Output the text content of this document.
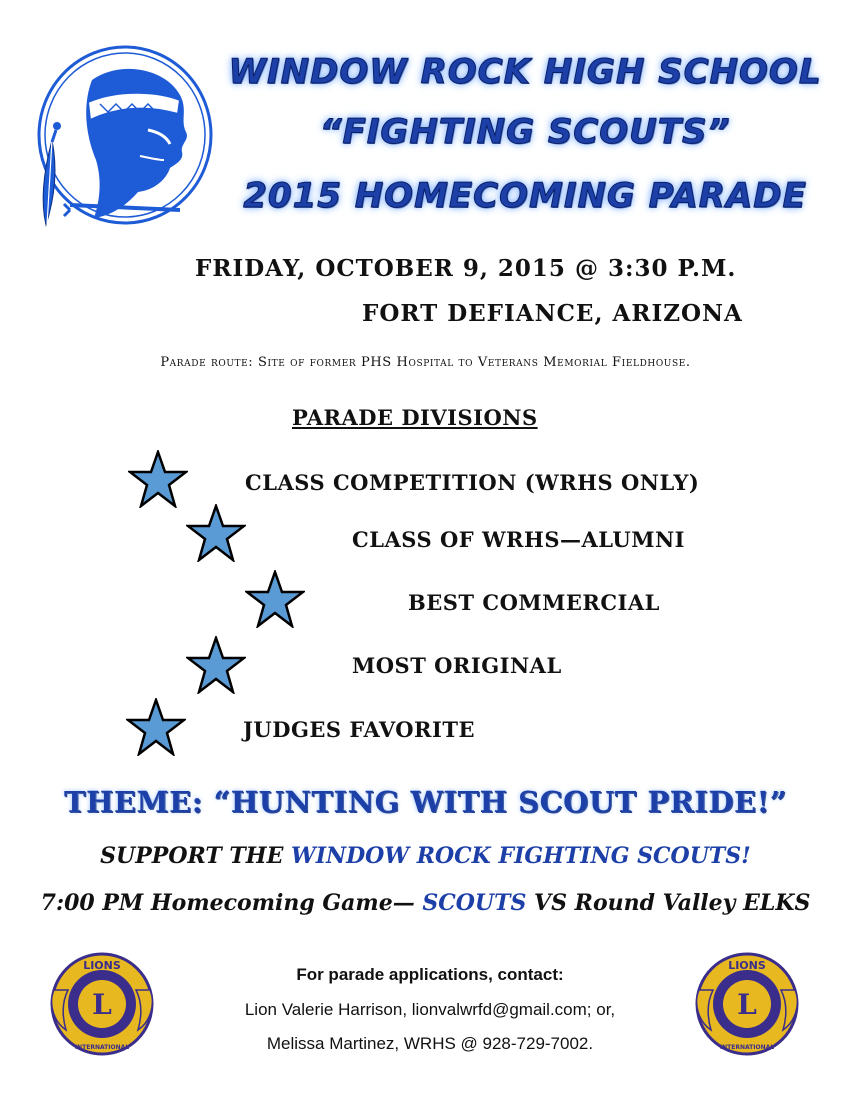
WINDOW ROCK HIGH SCHOOL
“FIGHTING SCOUTS”
2015 HOMECOMING PARADE
FRIDAY, OCTOBER 9, 2015 @ 3:30 P.M.
FORT DEFIANCE, ARIZONA
Parade route: Site of former PHS Hospital to Veterans Memorial Fieldhouse.
PARADE DIVISIONS
CLASS COMPETITION (WRHS ONLY)
CLASS OF WRHS—ALUMNI
BEST COMMERCIAL
MOST ORIGINAL
JUDGES FAVORITE
THEME: “HUNTING WITH SCOUT PRIDE!”
SUPPORT THE WINDOW ROCK FIGHTING SCOUTS!
7:00 PM Homecoming Game— SCOUTS VS Round Valley ELKS
L
LIONS
INTERNATIONAL
L
LIONS
INTERNATIONAL
For parade applications, contact:
Lion Valerie Harrison, lionvalwrfd@gmail.com; or,
Melissa Martinez, WRHS @ 928-729-7002.
